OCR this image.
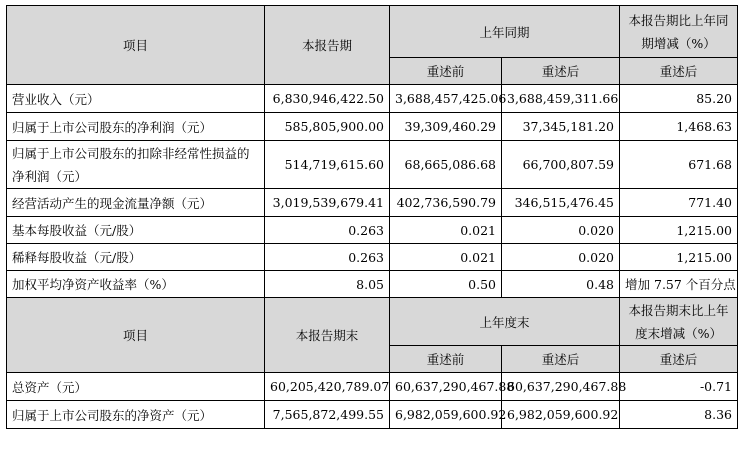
项目	本报告期	上年同期		本报告期比上年同期增减（%）
		重述前	重述后	重述后
营业收入（元）	6,830,946,422.50	3,688,457,425.06	3,688,459,311.66	85.20
归属于上市公司股东的净利润（元）	585,805,900.00	39,309,460.29	37,345,181.20	1,468.63
归属于上市公司股东的扣除非经常性损益的净利润（元）	514,719,615.60	68,665,086.68	66,700,807.59	671.68
经营活动产生的现金流量净额（元）	3,019,539,679.41	402,736,590.79	346,515,476.45	771.40
基本每股收益（元/股）	0.263	0.021	0.020	1,215.00
稀释每股收益（元/股）	0.263	0.021	0.020	1,215.00
加权平均净资产收益率（%）	8.05	0.50	0.48	增加 7.57 个百分点
项目	本报告期末	上年度末		本报告期末比上年度末增减（%）
		重述前	重述后	重述后
总资产（元）	60,205,420,789.07	60,637,290,467.88	60,637,290,467.88	-0.71
归属于上市公司股东的净资产（元）	7,565,872,499.55	6,982,059,600.92	6,982,059,600.92	8.36
